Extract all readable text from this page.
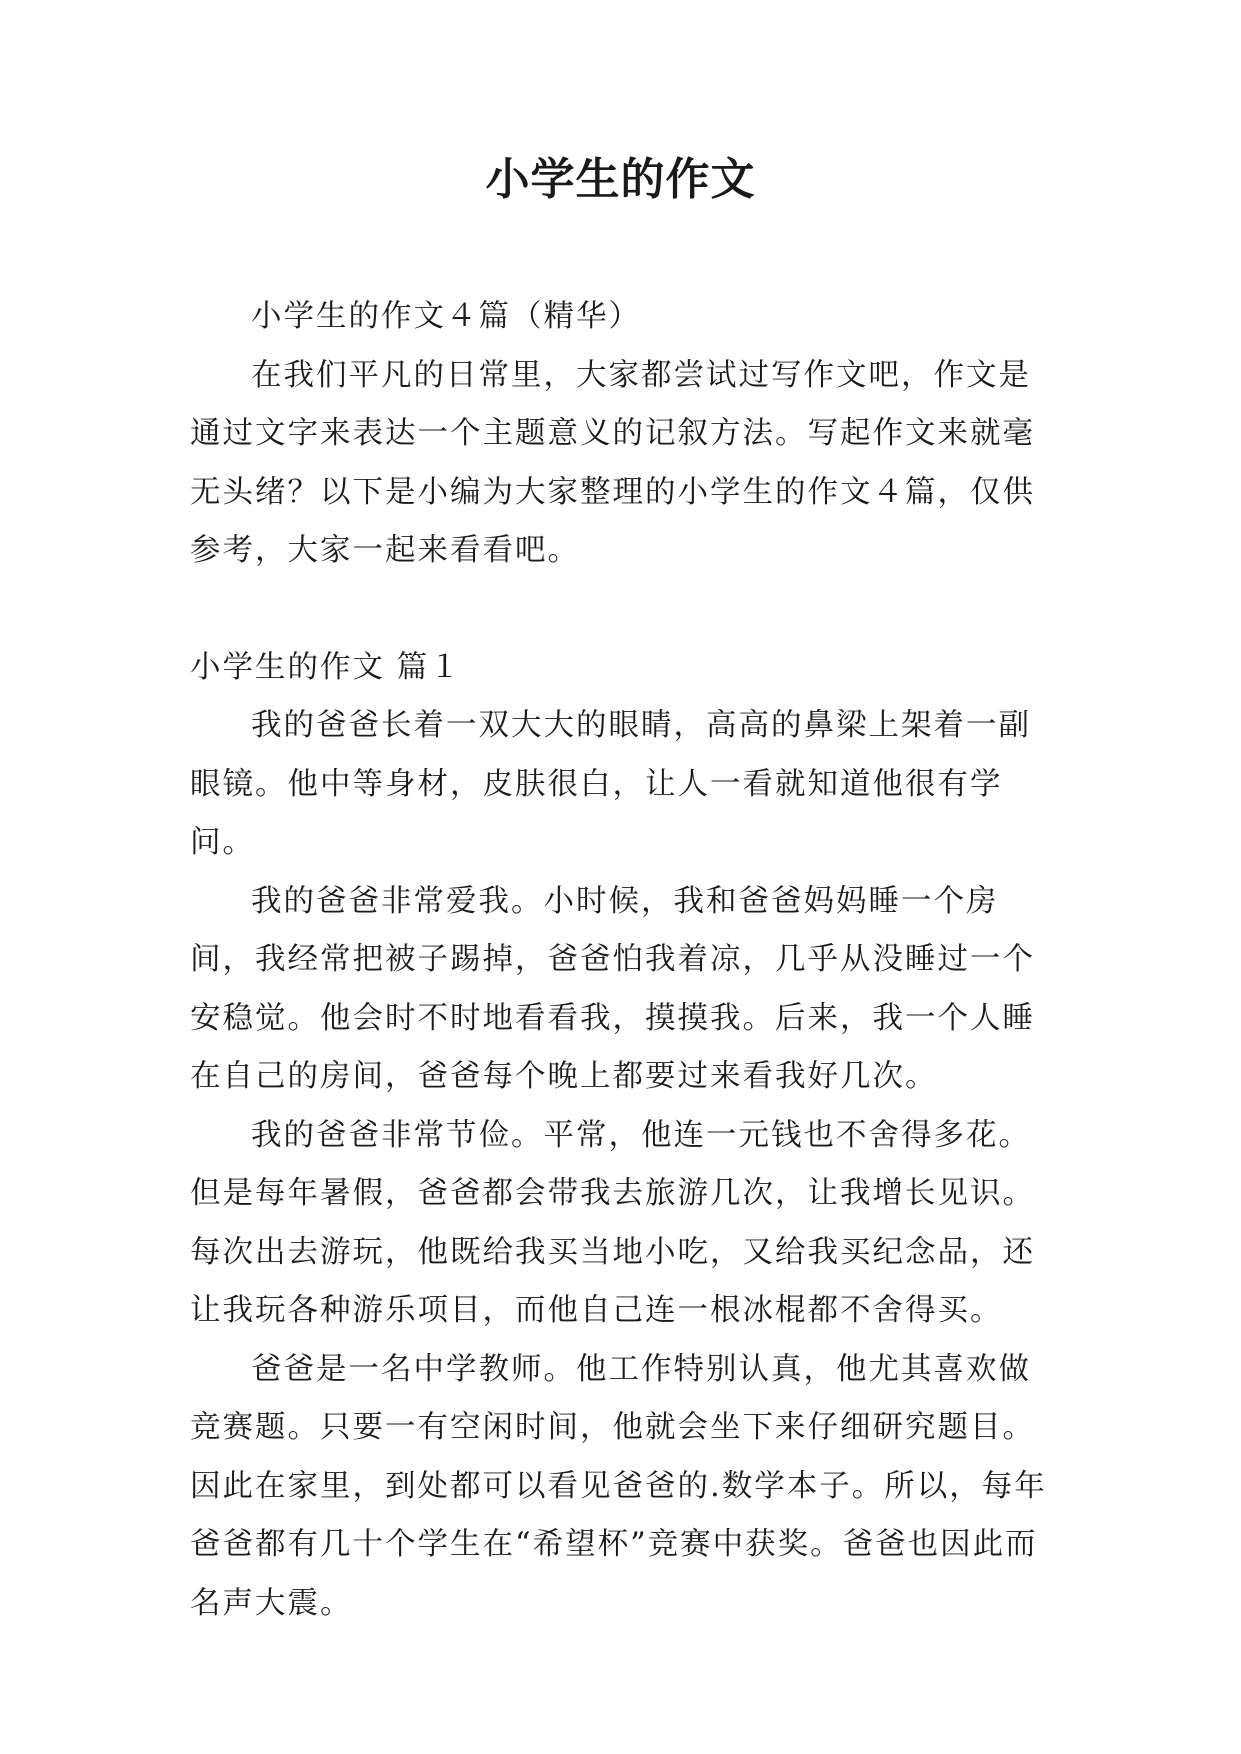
小学生的作文

小学生的作文４篇（精华）

在我们平凡的日常里，大家都尝试过写作文吧，作文是通过文字来表达一个主题意义的记叙方法。写起作文来就毫无头绪？以下是小编为大家整理的小学生的作文４篇，仅供参考，大家一起来看看吧。

小学生的作文 篇１

我的爸爸长着一双大大的眼睛，高高的鼻梁上架着一副眼镜。他中等身材，皮肤很白，让人一看就知道他很有学问。

我的爸爸非常爱我。小时候，我和爸爸妈妈睡一个房间，我经常把被子踢掉，爸爸怕我着凉，几乎从没睡过一个安稳觉。他会时不时地看看我，摸摸我。后来，我一个人睡在自己的房间，爸爸每个晚上都要过来看我好几次。

我的爸爸非常节俭。平常，他连一元钱也不舍得多花。但是每年暑假，爸爸都会带我去旅游几次，让我增长见识。每次出去游玩，他既给我买当地小吃，又给我买纪念品，还让我玩各种游乐项目，而他自己连一根冰棍都不舍得买。

爸爸是一名中学教师。他工作特别认真，他尤其喜欢做竞赛题。只要一有空闲时间，他就会坐下来仔细研究题目。因此在家里，到处都可以看见爸爸的.数学本子。所以，每年爸爸都有几十个学生在“希望杯”竞赛中获奖。爸爸也因此而名声大震。
